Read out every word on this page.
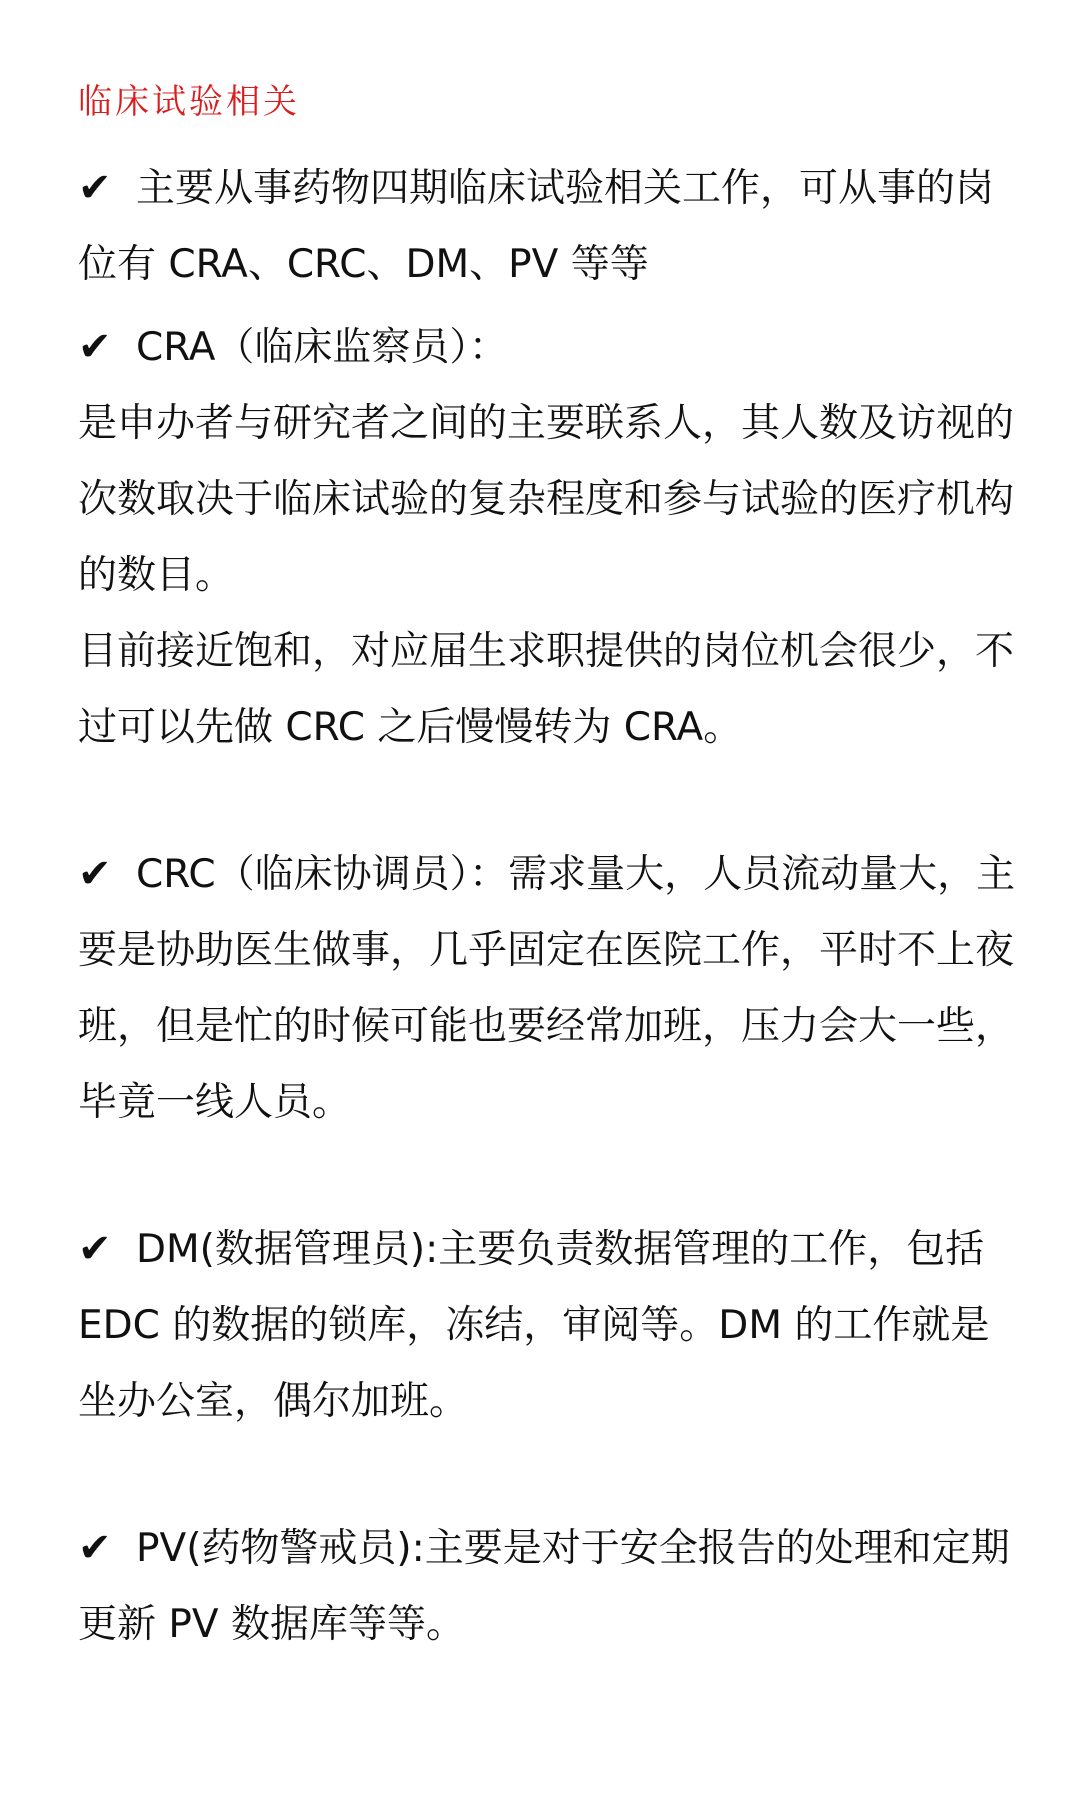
临床试验相关

✔ 主要从事药物四期临床试验相关工作，可从事的岗位有 CRA、CRC、DM、PV 等等

✔ CRA（临床监察员）：

是申办者与研究者之间的主要联系人，其人数及访视的次数取决于临床试验的复杂程度和参与试验的医疗机构的数目。

目前接近饱和，对应届生求职提供的岗位机会很少，不过可以先做 CRC 之后慢慢转为 CRA。

✔ CRC（临床协调员）：需求量大，人员流动量大，主要是协助医生做事，几乎固定在医院工作，平时不上夜班，但是忙的时候可能也要经常加班，压力会大一些，毕竟一线人员。

✔ DM(数据管理员):主要负责数据管理的工作，包括 EDC 的数据的锁库，冻结，审阅等。DM 的工作就是坐办公室，偶尔加班。

✔ PV(药物警戒员):主要是对于安全报告的处理和定期更新 PV 数据库等等。
